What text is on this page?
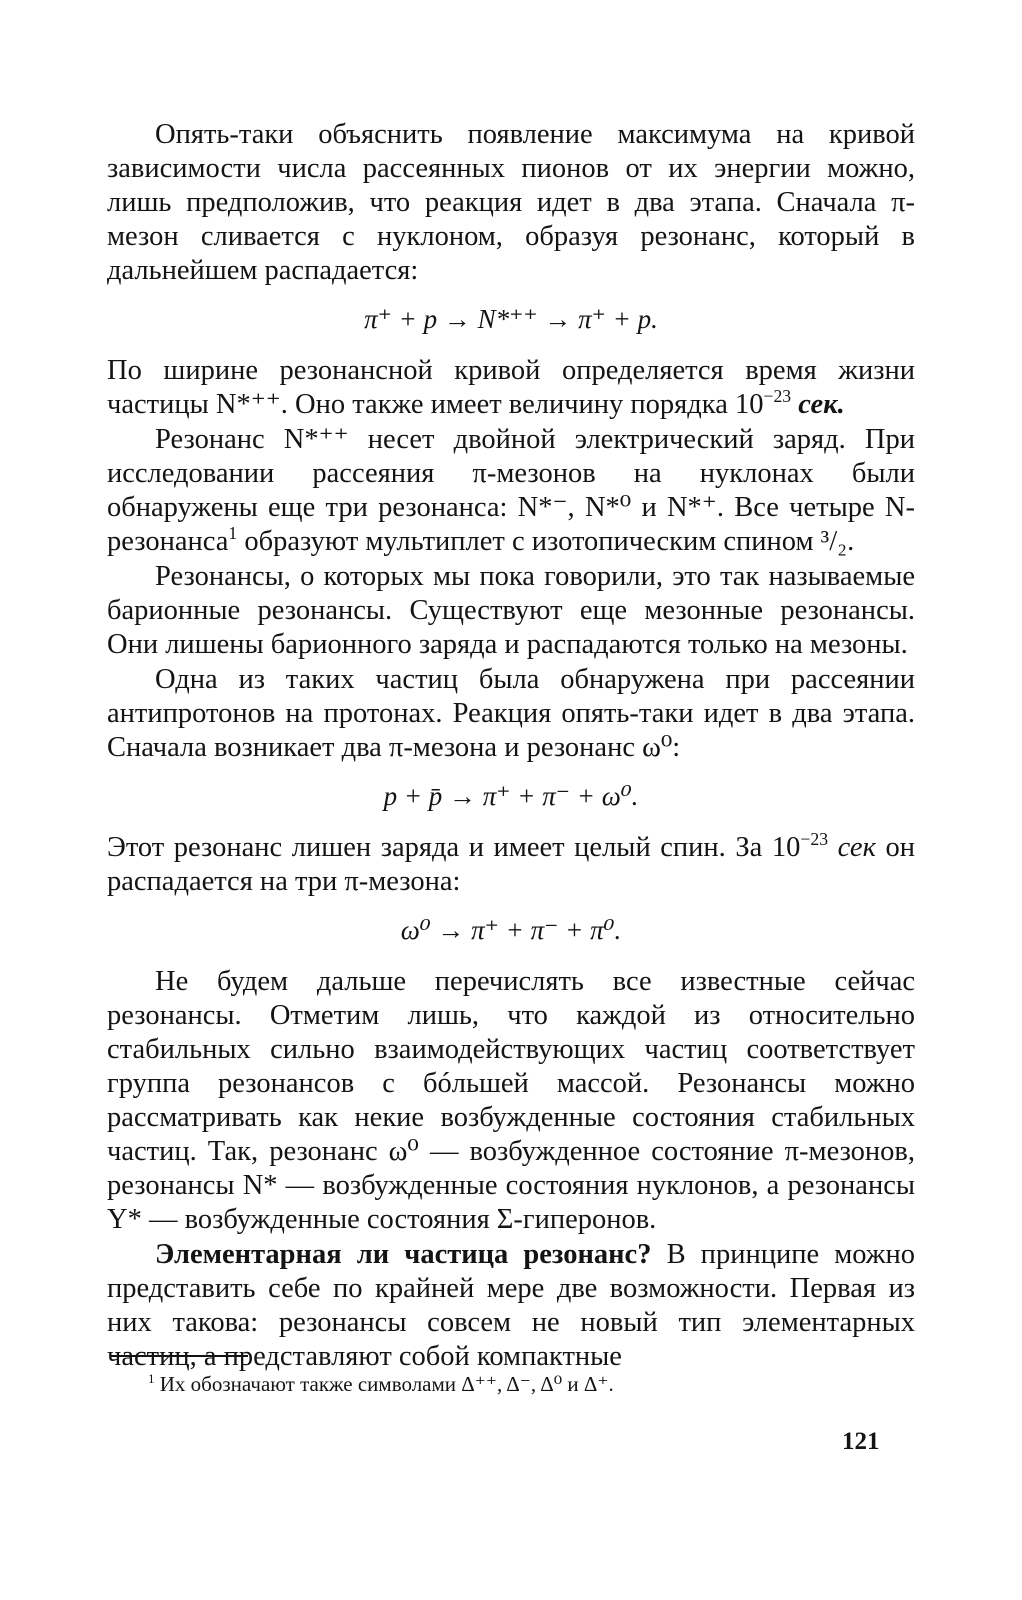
Опять-таки объяснить появление максимума на кривой зависимости числа рассеянных пионов от их энергии можно, лишь предположив, что реакция идет в два этапа. Сначала π-мезон сливается с нуклоном, образуя резонанс, который в дальнейшем распадается:

π⁺ + p → N*⁺⁺ → π⁺ + p.

По ширине резонансной кривой определяется время жизни частицы N*⁺⁺. Оно также имеет величину порядка $10^{-23}$ сек.

Резонанс N*⁺⁺ несет двойной электрический заряд. При исследовании рассеяния π-мезонов на нуклонах были обнаружены еще три резонанса: N*⁻, N*⁰ и N*⁺. Все четыре N-резонанса$^1$ образуют мультиплет с изотопическим спином ³/₂.

Резонансы, о которых мы пока говорили, это так называемые барионные резонансы. Существуют еще мезонные резонансы. Они лишены барионного заряда и распадаются только на мезоны.

Одна из таких частиц была обнаружена при рассеянии антипротонов на протонах. Реакция опять-таки идет в два этапа. Сначала возникает два π-мезона и резонанс ω⁰:

p + p̄ → π⁺ + π⁻ + ω⁰.

Этот резонанс лишен заряда и имеет целый спин. За $10^{-23}$ сек он распадается на три π-мезона:

ω⁰ → π⁺ + π⁻ + π⁰.

Не будем дальше перечислять все известные сейчас резонансы. Отметим лишь, что каждой из относительно стабильных сильно взаимодействующих частиц соответствует группа резонансов с бóльшей массой. Резонансы можно рассматривать как некие возбужденные состояния стабильных частиц. Так, резонанс ω⁰ — возбужденное состояние π-мезонов, резонансы N* — возбужденные состояния нуклонов, а резонансы Y* — возбужденные состояния Σ-гиперонов.

Элементарная ли частица резонанс? В принципе можно представить себе по крайней мере две возможности. Первая из них такова: резонансы совсем не новый тип элементарных частиц, а представляют собой компактные

$^1$ Их обозначают также символами Δ⁺⁺, Δ⁻, Δ⁰ и Δ⁺.
121
